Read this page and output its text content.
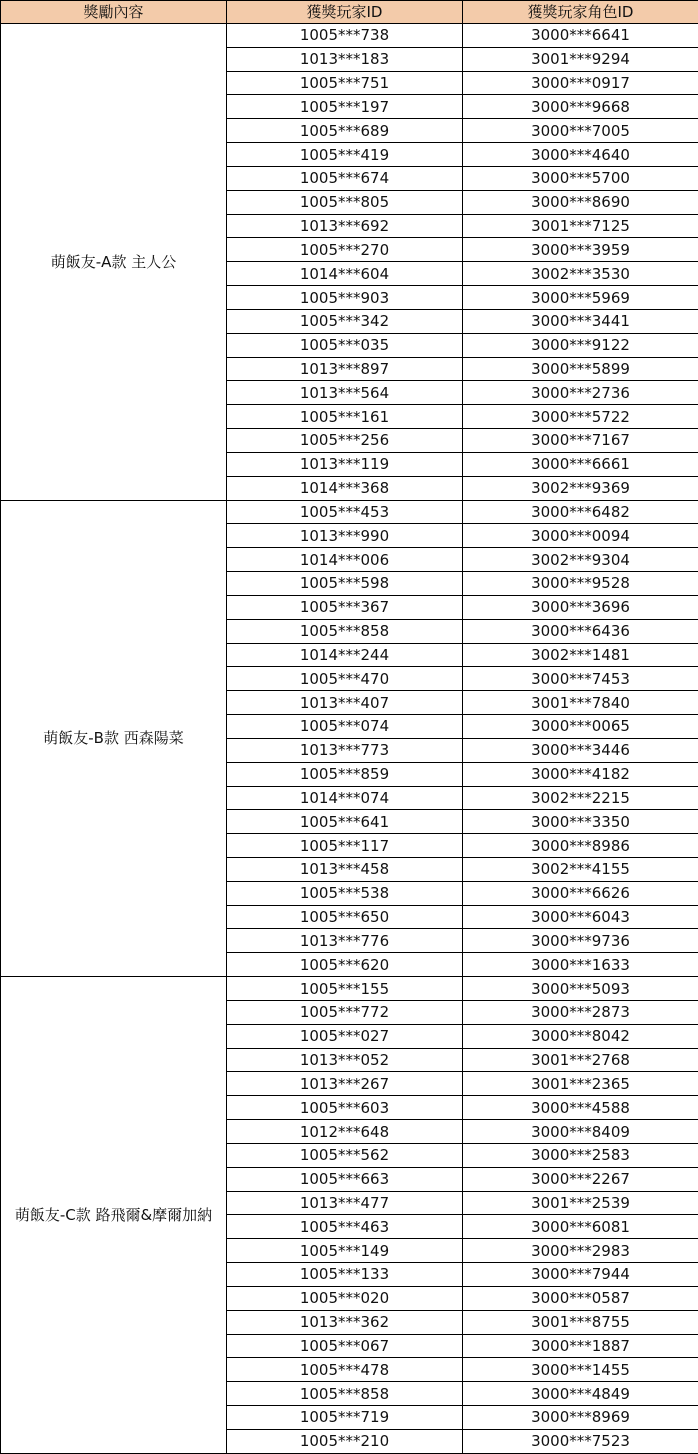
獎勵內容	獲獎玩家ID	獲獎玩家角色ID
萌飯友-A款 主人公	1005***738	3000***6641
	1013***183	3001***9294
	1005***751	3000***0917
	1005***197	3000***9668
	1005***689	3000***7005
	1005***419	3000***4640
	1005***674	3000***5700
	1005***805	3000***8690
	1013***692	3001***7125
	1005***270	3000***3959
	1014***604	3002***3530
	1005***903	3000***5969
	1005***342	3000***3441
	1005***035	3000***9122
	1013***897	3000***5899
	1013***564	3000***2736
	1005***161	3000***5722
	1005***256	3000***7167
	1013***119	3000***6661
	1014***368	3002***9369
萌飯友-B款 西森陽菜	1005***453	3000***6482
	1013***990	3000***0094
	1014***006	3002***9304
	1005***598	3000***9528
	1005***367	3000***3696
	1005***858	3000***6436
	1014***244	3002***1481
	1005***470	3000***7453
	1013***407	3001***7840
	1005***074	3000***0065
	1013***773	3000***3446
	1005***859	3000***4182
	1014***074	3002***2215
	1005***641	3000***3350
	1005***117	3000***8986
	1013***458	3002***4155
	1005***538	3000***6626
	1005***650	3000***6043
	1013***776	3000***9736
	1005***620	3000***1633
萌飯友-C款 路飛爾&摩爾加納	1005***155	3000***5093
	1005***772	3000***2873
	1005***027	3000***8042
	1013***052	3001***2768
	1013***267	3001***2365
	1005***603	3000***4588
	1012***648	3000***8409
	1005***562	3000***2583
	1005***663	3000***2267
	1013***477	3001***2539
	1005***463	3000***6081
	1005***149	3000***2983
	1005***133	3000***7944
	1005***020	3000***0587
	1013***362	3001***8755
	1005***067	3000***1887
	1005***478	3000***1455
	1005***858	3000***4849
	1005***719	3000***8969
	1005***210	3000***7523
